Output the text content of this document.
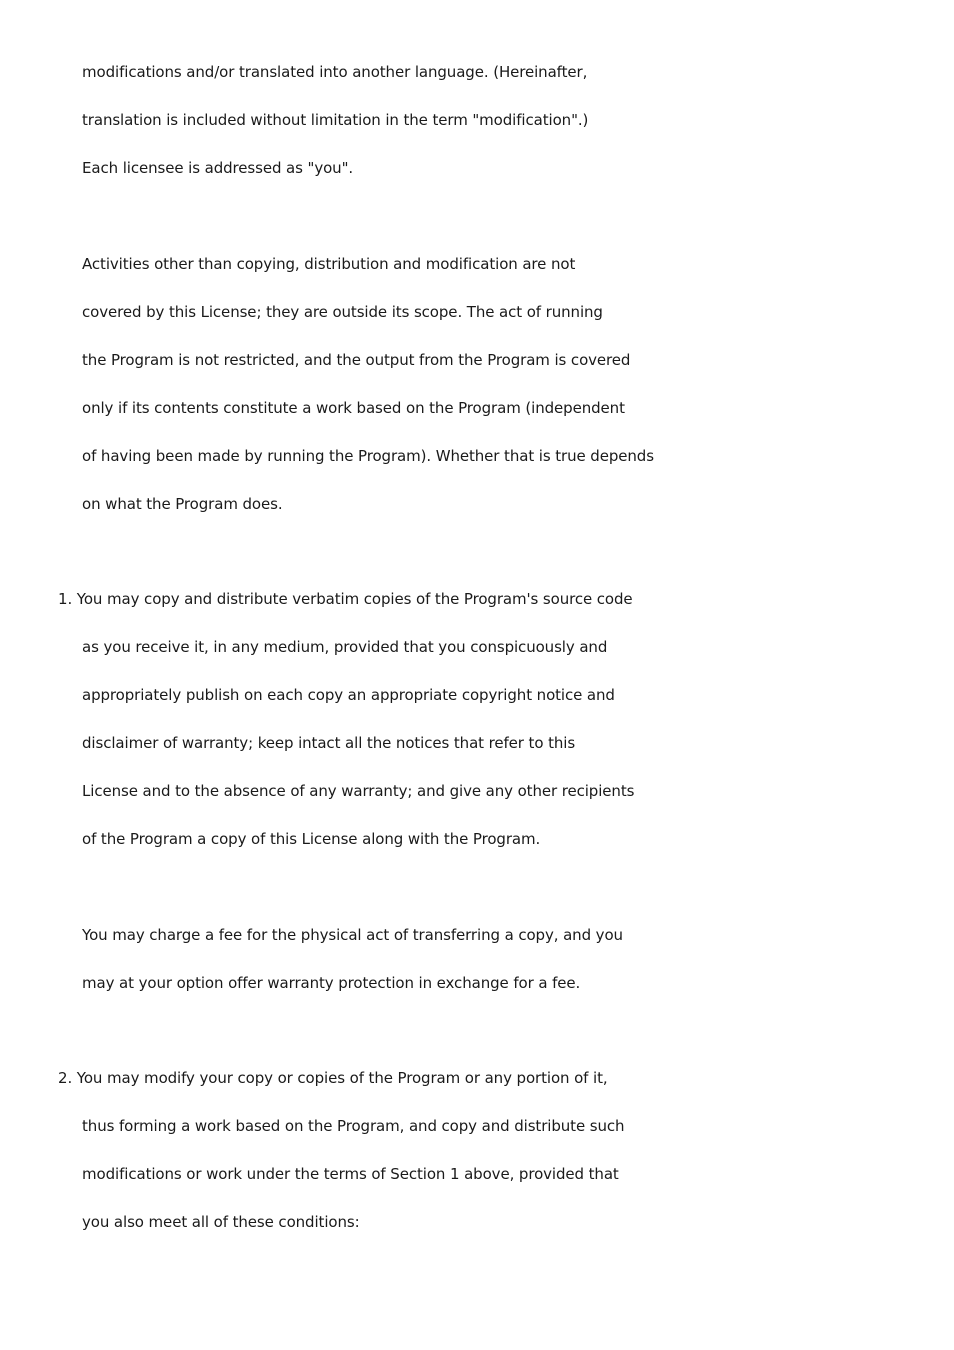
modifications and/or translated into another language. (Hereinafter,
translation is included without limitation in the term "modification".)
Each licensee is addressed as "you".
Activities other than copying, distribution and modification are not
covered by this License; they are outside its scope. The act of running
the Program is not restricted, and the output from the Program is covered
only if its contents constitute a work based on the Program (independent
of having been made by running the Program). Whether that is true depends
on what the Program does.
1. You may copy and distribute verbatim copies of the Program's source code
as you receive it, in any medium, provided that you conspicuously and
appropriately publish on each copy an appropriate copyright notice and
disclaimer of warranty; keep intact all the notices that refer to this
License and to the absence of any warranty; and give any other recipients
of the Program a copy of this License along with the Program.
You may charge a fee for the physical act of transferring a copy, and you
may at your option offer warranty protection in exchange for a fee.
2. You may modify your copy or copies of the Program or any portion of it,
thus forming a work based on the Program, and copy and distribute such
modifications or work under the terms of Section 1 above, provided that
you also meet all of these conditions:
